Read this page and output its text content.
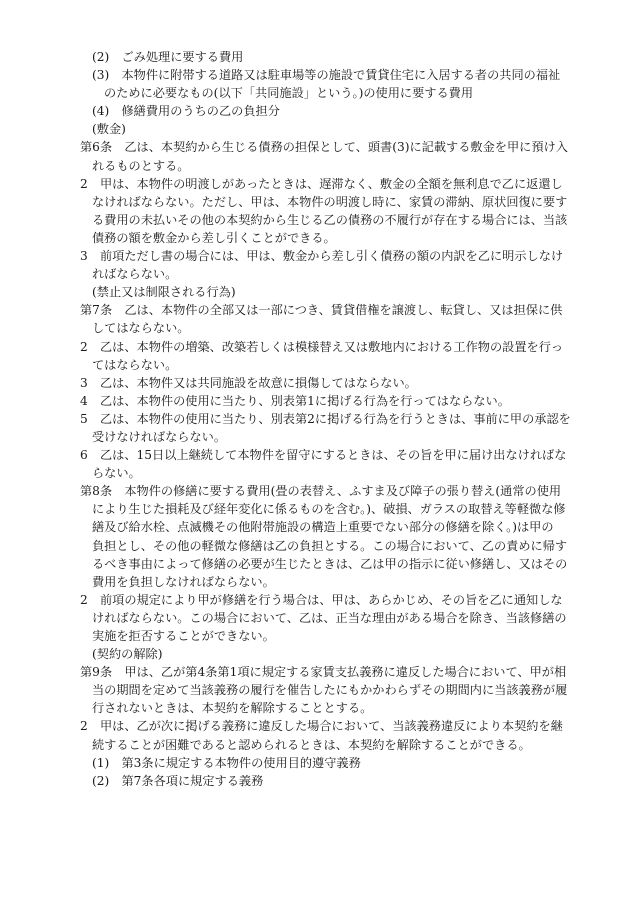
(2)　ごみ処理に要する費用
(3)　本物件に附帯する道路又は駐車場等の施設で賃貸住宅に入居する者の共同の福祉
のために必要なもの(以下「共同施設」という。)の使用に要する費用
(4)　修繕費用のうちの乙の負担分
(敷金)
第6条　乙は、本契約から生じる債務の担保として、頭書(3)に記載する敷金を甲に預け入
れるものとする。
2　甲は、本物件の明渡しがあったときは、遅滞なく、敷金の全額を無利息で乙に返還し
なければならない。ただし、甲は、本物件の明渡し時に、家賃の滞納、原状回復に要す
る費用の未払いその他の本契約から生じる乙の債務の不履行が存在する場合には、当該
債務の額を敷金から差し引くことができる。
3　前項ただし書の場合には、甲は、敷金から差し引く債務の額の内訳を乙に明示しなけ
ればならない。
(禁止又は制限される行為)
第7条　乙は、本物件の全部又は一部につき、賃貸借権を譲渡し、転貸し、又は担保に供
してはならない。
2　乙は、本物件の増築、改築若しくは模様替え又は敷地内における工作物の設置を行っ
てはならない。
3　乙は、本物件又は共同施設を故意に損傷してはならない。
4　乙は、本物件の使用に当たり、別表第1に掲げる行為を行ってはならない。
5　乙は、本物件の使用に当たり、別表第2に掲げる行為を行うときは、事前に甲の承認を
受けなければならない。
6　乙は、15日以上継続して本物件を留守にするときは、その旨を甲に届け出なければな
らない。
第8条　本物件の修繕に要する費用(畳の表替え、ふすま及び障子の張り替え(通常の使用
により生じた損耗及び経年変化に係るものを含む。)、破損、ガラスの取替え等軽微な修
繕及び給水栓、点滅機その他附帯施設の構造上重要でない部分の修繕を除く。)は甲の
負担とし、その他の軽微な修繕は乙の負担とする。この場合において、乙の責めに帰す
るべき事由によって修繕の必要が生じたときは、乙は甲の指示に従い修繕し、又はその
費用を負担しなければならない。
2　前項の規定により甲が修繕を行う場合は、甲は、あらかじめ、その旨を乙に通知しな
ければならない。この場合において、乙は、正当な理由がある場合を除き、当該修繕の
実施を拒否することができない。
(契約の解除)
第9条　甲は、乙が第4条第1項に規定する家賃支払義務に違反した場合において、甲が相
当の期間を定めて当該義務の履行を催告したにもかかわらずその期間内に当該義務が履
行されないときは、本契約を解除することとする。
2　甲は、乙が次に掲げる義務に違反した場合において、当該義務違反により本契約を継
続することが困難であると認められるときは、本契約を解除することができる。
(1)　第3条に規定する本物件の使用目的遵守義務
(2)　第7条各項に規定する義務
